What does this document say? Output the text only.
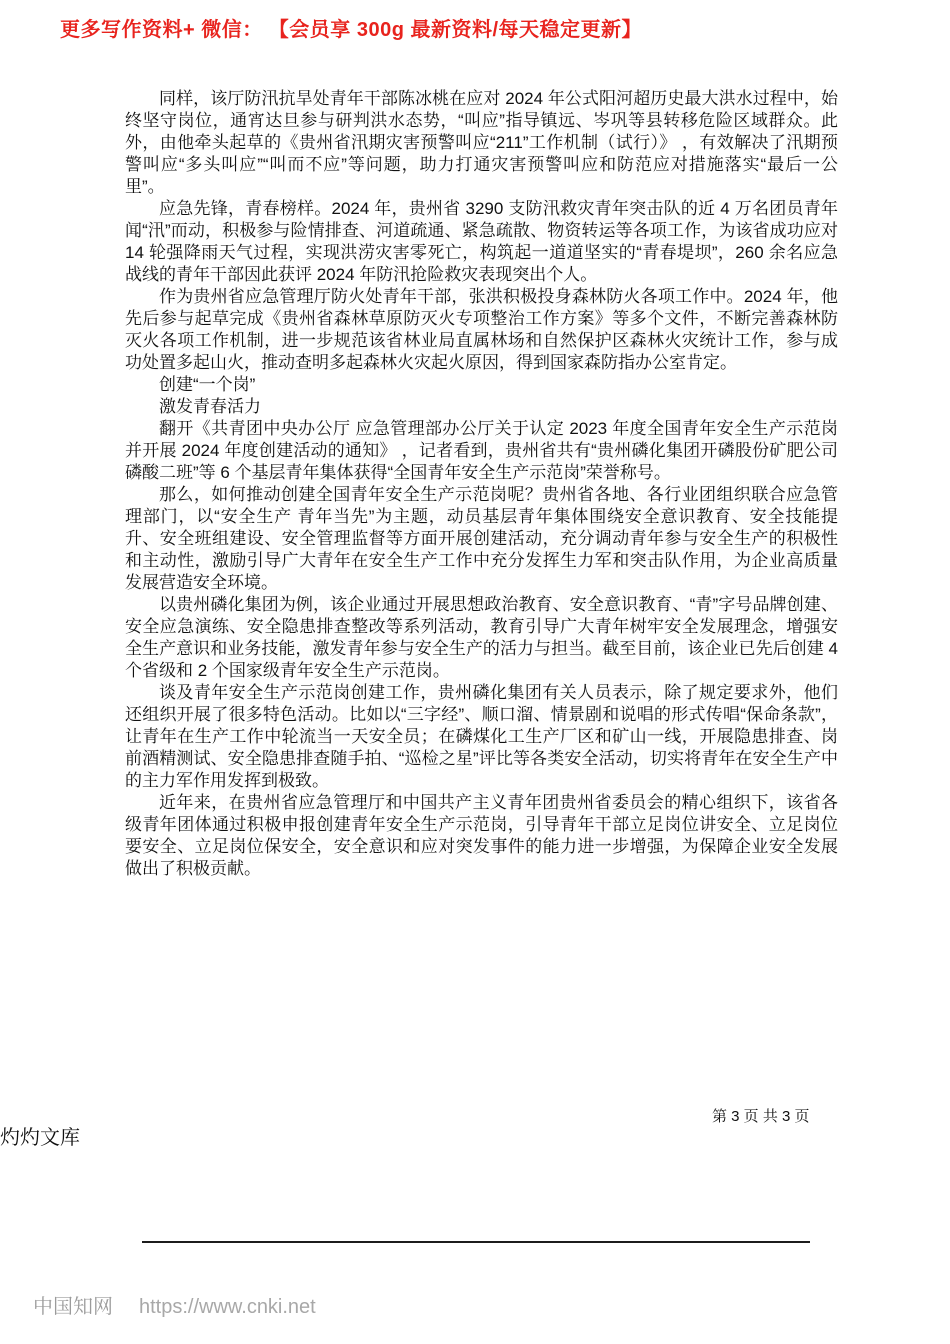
更多写作资料+ 微信： 【会员享 300g 最新资料/每天稳定更新】

同样，该厅防汛抗旱处青年干部陈冰桃在应对 2024 年公式阳河超历史最大洪水过程中，始终坚守岗位，通宵达旦参与研判洪水态势，“叫应”指导镇远、岑巩等县转移危险区域群众。此外，由他牵头起草的《贵州省汛期灾害预警叫应“211”工作机制（试行）》 ，有效解决了汛期预警叫应“多头叫应”“叫而不应”等问题，助力打通灾害预警叫应和防范应对措施落实“最后一公里”。

应急先锋，青春榜样。2024 年，贵州省 3290 支防汛救灾青年突击队的近 4 万名团员青年闻“汛”而动，积极参与险情排查、河道疏通、紧急疏散、物资转运等各项工作，为该省成功应对 14 轮强降雨天气过程，实现洪涝灾害零死亡，构筑起一道道坚实的“青春堤坝”，260 余名应急战线的青年干部因此获评 2024 年防汛抢险救灾表现突出个人。

作为贵州省应急管理厅防火处青年干部，张洪积极投身森林防火各项工作中。2024 年，他先后参与起草完成《贵州省森林草原防灭火专项整治工作方案》等多个文件，不断完善森林防灭火各项工作机制，进一步规范该省林业局直属林场和自然保护区森林火灾统计工作，参与成功处置多起山火，推动查明多起森林火灾起火原因，得到国家森防指办公室肯定。

创建“一个岗”

激发青春活力

翻开《共青团中央办公厅 应急管理部办公厅关于认定 2023 年度全国青年安全生产示范岗并开展 2024 年度创建活动的通知》 ，记者看到，贵州省共有“贵州磷化集团开磷股份矿肥公司磷酸二班”等 6 个基层青年集体获得“全国青年安全生产示范岗”荣誉称号。

那么，如何推动创建全国青年安全生产示范岗呢？贵州省各地、各行业团组织联合应急管理部门，以“安全生产 青年当先”为主题，动员基层青年集体围绕安全意识教育、安全技能提升、安全班组建设、安全管理监督等方面开展创建活动，充分调动青年参与安全生产的积极性和主动性，激励引导广大青年在安全生产工作中充分发挥生力军和突击队作用，为企业高质量发展营造安全环境。

以贵州磷化集团为例，该企业通过开展思想政治教育、安全意识教育、“青”字号品牌创建、安全应急演练、安全隐患排查整改等系列活动，教育引导广大青年树牢安全发展理念，增强安全生产意识和业务技能，激发青年参与安全生产的活力与担当。截至目前，该企业已先后创建 4 个省级和 2 个国家级青年安全生产示范岗。

谈及青年安全生产示范岗创建工作，贵州磷化集团有关人员表示，除了规定要求外，他们还组织开展了很多特色活动。比如以“三字经”、顺口溜、情景剧和说唱的形式传唱“保命条款”，让青年在生产工作中轮流当一天安全员；在磷煤化工生产厂区和矿山一线，开展隐患排查、岗前酒精测试、安全隐患排查随手拍、“巡检之星”评比等各类安全活动，切实将青年在安全生产中的主力军作用发挥到极致。

近年来，在贵州省应急管理厅和中国共产主义青年团贵州省委员会的精心组织下，该省各级青年团体通过积极申报创建青年安全生产示范岗，引导青年干部立足岗位讲安全、立足岗位要安全、立足岗位保安全，安全意识和应对突发事件的能力进一步增强，为保障企业安全发展做出了积极贡献。

第 3 页 共 3 页
灼灼文库
中国知网 https://www.cnki.net
